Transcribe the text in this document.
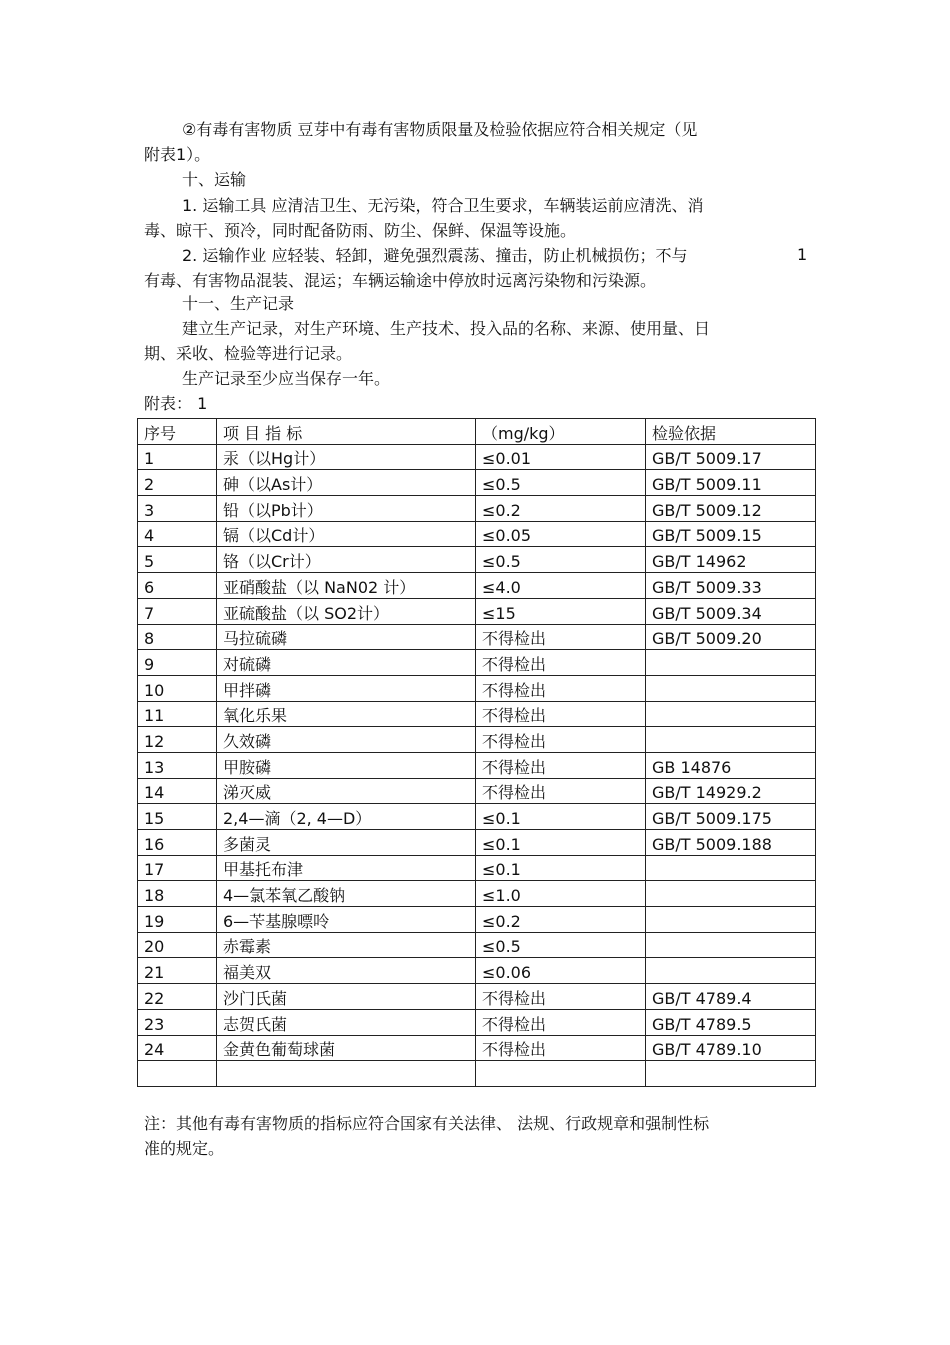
②有毒有害物质 豆芽中有毒有害物质限量及检验依据应符合相关规定（见
附表1）。
十、运输
1. 运输工具 应清洁卫生、无污染，符合卫生要求，车辆装运前应清洗、消
毒、晾干、预冷，同时配备防雨、防尘、保鲜、保温等设施。
2. 运输作业 应轻装、轻卸，避免强烈震荡、撞击，防止机械损伤；不与	1
有毒、有害物品混装、混运；车辆运输途中停放时远离污染物和污染源。
十一、生产记录
建立生产记录，对生产环境、生产技术、投入品的名称、来源、使用量、日
期、采收、检验等进行记录。
生产记录至少应当保存一年。
附表： 1
序号	项 目 指 标	（mg/kg）	检验依据
1	汞（以Hg计）	≤0.01	GB/T 5009.17
2	砷（以As计）	≤0.5	GB/T 5009.11
3	铅（以Pb计）	≤0.2	GB/T 5009.12
4	镉（以Cd计）	≤0.05	GB/T 5009.15
5	铬（以Cr计）	≤0.5	GB/T 14962
6	亚硝酸盐（以 NaN02 计）	≤4.0	GB/T 5009.33
7	亚硫酸盐（以 SO2计）	≤15	GB/T 5009.34
8	马拉硫磷	不得检出	GB/T 5009.20
9	对硫磷	不得检出	
10	甲拌磷	不得检出	
11	氧化乐果	不得检出	
12	久效磷	不得检出	
13	甲胺磷	不得检出	GB 14876
14	涕灭威	不得检出	GB/T 14929.2
15	2,4—滴（2, 4—D）	≤0.1	GB/T 5009.175
16	多菌灵	≤0.1	GB/T 5009.188
17	甲基托布津	≤0.1	
18	4—氯苯氧乙酸钠	≤1.0	
19	6—苄基腺嘌呤	≤0.2	
20	赤霉素	≤0.5	
21	福美双	≤0.06	
22	沙门氏菌	不得检出	GB/T 4789.4
23	志贺氏菌	不得检出	GB/T 4789.5
24	金黄色葡萄球菌	不得检出	GB/T 4789.10

注：其他有毒有害物质的指标应符合国家有关法律、 法规、行政规章和强制性标
准的规定。
